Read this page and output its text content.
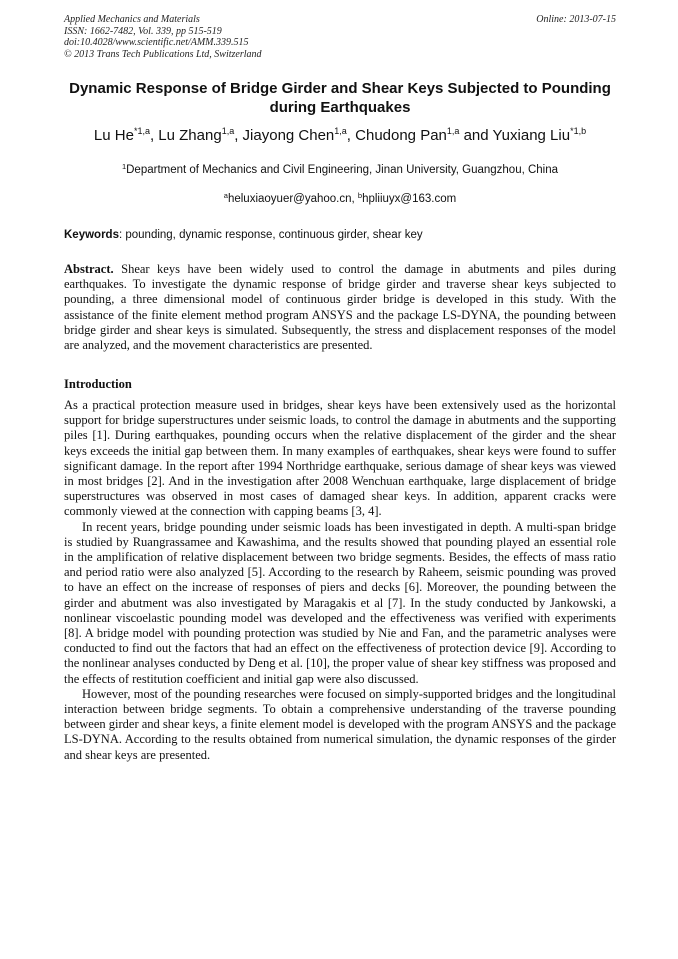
Applied Mechanics and Materials
ISSN: 1662-7482, Vol. 339, pp 515-519
doi:10.4028/www.scientific.net/AMM.339.515
© 2013 Trans Tech Publications Ltd, Switzerland
Online: 2013-07-15
Dynamic Response of Bridge Girder and Shear Keys Subjected to Pounding during Earthquakes
Lu He$^{*1,a}$, Lu Zhang$^{1,a}$, Jiayong Chen$^{1,a}$, Chudong Pan$^{1,a}$ and Yuxiang Liu$^{*1,b}$
$^1$Department of Mechanics and Civil Engineering, Jinan University, Guangzhou, China
$^a$heluxiaoyuer@yahoo.cn, $^b$hpliiuyx@163.com
Keywords: pounding, dynamic response, continuous girder, shear key
Abstract. Shear keys have been widely used to control the damage in abutments and piles during earthquakes. To investigate the dynamic response of bridge girder and traverse shear keys subjected to pounding, a three dimensional model of continuous girder bridge is developed in this study. With the assistance of the finite element method program ANSYS and the package LS-DYNA, the pounding between bridge girder and shear keys is simulated. Subsequently, the stress and displacement responses of the model are analyzed, and the movement characteristics are presented.
Introduction

As a practical protection measure used in bridges, shear keys have been extensively used as the horizontal support for bridge superstructures under seismic loads, to control the damage in abutments and the supporting piles [1]. During earthquakes, pounding occurs when the relative displacement of the girder and the shear keys exceeds the initial gap between them. In many examples of earthquakes, shear keys were found to suffer significant damage. In the report after 1994 Northridge earthquake, serious damage of shear keys was viewed in most bridges [2]. And in the investigation after 2008 Wenchuan earthquake, large displacement of bridge superstructures was observed in most cases of damaged shear keys. In addition, apparent cracks were commonly viewed at the connection with capping beams [3, 4].

In recent years, bridge pounding under seismic loads has been investigated in depth. A multi-span bridge is studied by Ruangrassamee and Kawashima, and the results showed that pounding played an essential role in the amplification of relative displacement between two bridge segments. Besides, the effects of mass ratio and period ratio were also analyzed [5]. According to the research by Raheem, seismic pounding was proved to have an effect on the increase of responses of piers and decks [6]. Moreover, the pounding between the girder and abutment was also investigated by Maragakis et al [7]. In the study conducted by Jankowski, a nonlinear viscoelastic pounding model was developed and the effectiveness was verified with experiments [8]. A bridge model with pounding protection was studied by Nie and Fan, and the parametric analyses were conducted to find out the factors that had an effect on the effectiveness of protection device [9]. According to the nonlinear analyses conducted by Deng et al. [10], the proper value of shear key stiffness was proposed and the effects of restitution coefficient and initial gap were also discussed.

However, most of the pounding researches were focused on simply-supported bridges and the longitudinal interaction between bridge segments. To obtain a comprehensive understanding of the traverse pounding between girder and shear keys, a finite element model is developed with the program ANSYS and the package LS-DYNA. According to the results obtained from numerical simulation, the dynamic responses of the girder and shear keys are presented.
